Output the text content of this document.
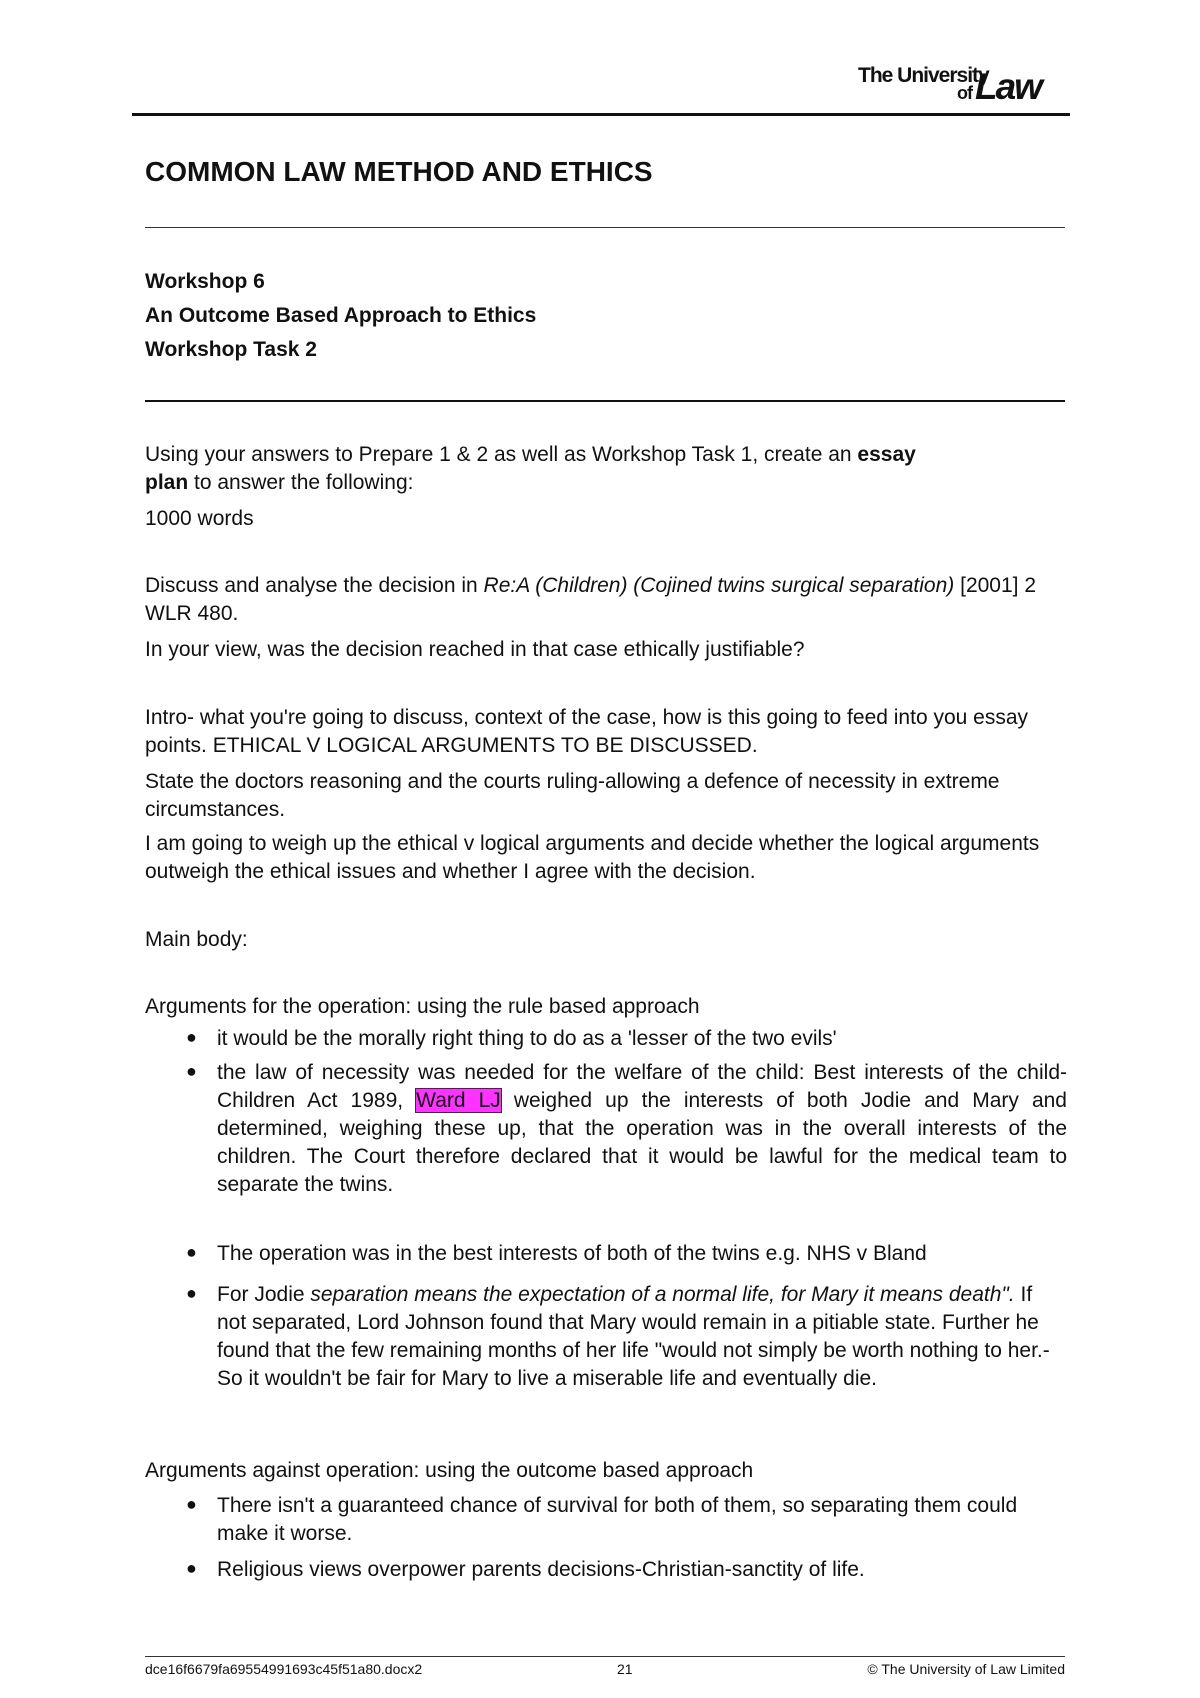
The University
of Law
COMMON LAW METHOD AND ETHICS
Workshop 6
An Outcome Based Approach to Ethics
Workshop Task 2

Using your answers to Prepare 1 & 2 as well as Workshop Task 1, create an essay
plan to answer the following:

1000 words

Discuss and analyse the decision in Re:A (Children) (Cojined twins surgical separation) [2001] 2 WLR 480.

In your view, was the decision reached in that case ethically justifiable?

Intro- what you're going to discuss, context of the case, how is this going to feed into you essay points. ETHICAL V LOGICAL ARGUMENTS TO BE DISCUSSED.

State the doctors reasoning and the courts ruling-allowing a defence of necessity in extreme circumstances.

I am going to weigh up the ethical v logical arguments and decide whether the logical arguments outweigh the ethical issues and whether I agree with the decision.

Main body:

Arguments for the operation: using the rule based approach

● it would be the morally right thing to do as a 'lesser of the two evils'

● the law of necessity was needed for the welfare of the child: Best interests of the child-Children Act 1989, Ward LJ weighed up the interests of both Jodie and Mary and determined, weighing these up, that the operation was in the overall interests of the children. The Court therefore declared that it would be lawful for the medical team to separate the twins.

● The operation was in the best interests of both of the twins e.g. NHS v Bland

● For Jodie separation means the expectation of a normal life, for Mary it means death". If not separated, Lord Johnson found that Mary would remain in a pitiable state. Further he found that the few remaining months of her life "would not simply be worth nothing to her.- So it wouldn't be fair for Mary to live a miserable life and eventually die.

Arguments against operation: using the outcome based approach

● There isn't a guaranteed chance of survival for both of them, so separating them could make it worse.

● Religious views overpower parents decisions-Christian-sanctity of life.

dce16f6679fa69554991693c45f51a80.docx2	21	© The University of Law Limited
